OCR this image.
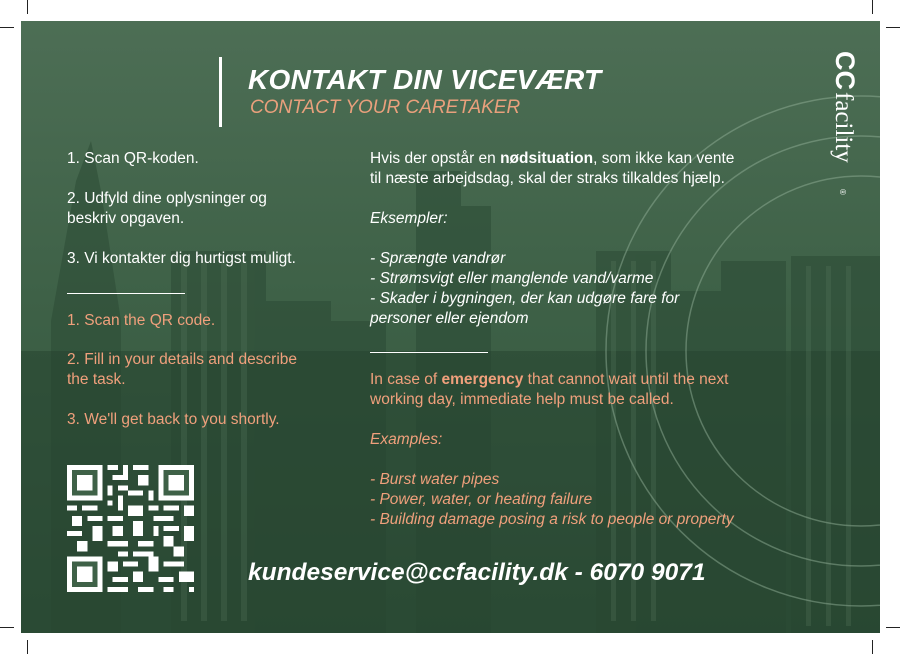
KONTAKT DIN VICEVÆRT
CONTACT YOUR CARETAKER
CC
facility
®
1. Scan QR-koden.
2. Udfyld dine oplysninger og
beskriv opgaven.
3. Vi kontakter dig hurtigst muligt.
1. Scan the QR code.
2. Fill in your details and describe
the task.
3. We'll get back to you shortly.
Hvis der opstår en nødsituation, som ikke kan vente
til næste arbejdsdag, skal der straks tilkaldes hjælp.
Eksempler:
- Sprængte vandrør
- Strømsvigt eller manglende vand/varme
- Skader i bygningen, der kan udgøre fare for
personer eller ejendom
In case of emergency that cannot wait until the next
working day, immediate help must be called.
Examples:
- Burst water pipes
- Power, water, or heating failure
- Building damage posing a risk to people or property
kundeservice@ccfacility.dk - 6070 9071
